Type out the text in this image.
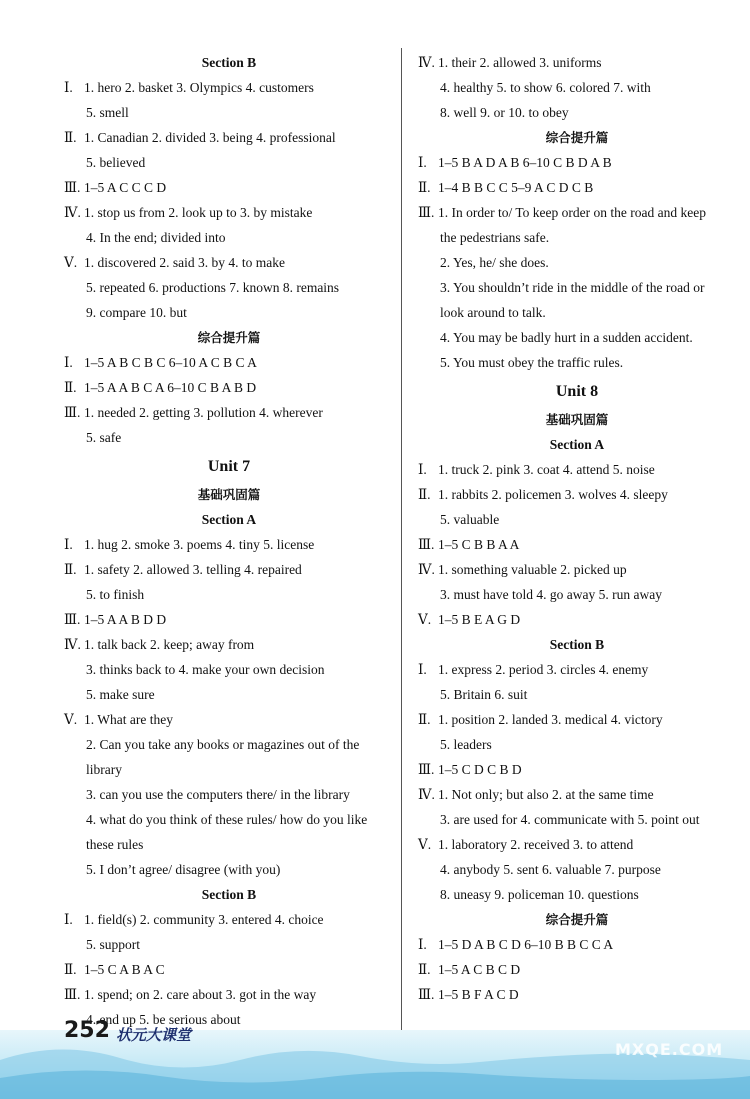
Section B
Ⅰ. 1. hero 2. basket 3. Olympics 4. customers
5. smell
Ⅱ. 1. Canadian 2. divided 3. being 4. professional
5. believed
Ⅲ. 1–5 A C C C D
Ⅳ. 1. stop us from 2. look up to 3. by mistake
4. In the end; divided into
Ⅴ. 1. discovered 2. said 3. by 4. to make
5. repeated 6. productions 7. known 8. remains
9. compare 10. but
综合提升篇
Ⅰ. 1–5 A B C B C 6–10 A C B C A
Ⅱ. 1–5 A A B C A 6–10 C B A B D
Ⅲ. 1. needed 2. getting 3. pollution 4. wherever
5. safe
Unit 7
基础巩固篇
Section A
Ⅰ. 1. hug 2. smoke 3. poems 4. tiny 5. license
Ⅱ. 1. safety 2. allowed 3. telling 4. repaired
5. to finish
Ⅲ. 1–5 A A B D D
Ⅳ. 1. talk back 2. keep; away from
3. thinks back to 4. make your own decision
5. make sure
Ⅴ. 1. What are they
2. Can you take any books or magazines out of the
library
3. can you use the computers there/ in the library
4. what do you think of these rules/ how do you like
these rules
5. I don’t agree/ disagree (with you)
Section B
Ⅰ. 1. field(s) 2. community 3. entered 4. choice
5. support
Ⅱ. 1–5 C A B A C
Ⅲ. 1. spend; on 2. care about 3. got in the way
4. end up 5. be serious about
Ⅳ. 1. their 2. allowed 3. uniforms
4. healthy 5. to show 6. colored 7. with
8. well 9. or 10. to obey
综合提升篇
Ⅰ. 1–5 B A D A B 6–10 C B D A B
Ⅱ. 1–4 B B C C 5–9 A C D C B
Ⅲ. 1. In order to/ To keep order on the road and keep
the pedestrians safe.
2. Yes, he/ she does.
3. You shouldn’t ride in the middle of the road or
look around to talk.
4. You may be badly hurt in a sudden accident.
5. You must obey the traffic rules.
Unit 8
基础巩固篇
Section A
Ⅰ. 1. truck 2. pink 3. coat 4. attend 5. noise
Ⅱ. 1. rabbits 2. policemen 3. wolves 4. sleepy
5. valuable
Ⅲ. 1–5 C B B A A
Ⅳ. 1. something valuable 2. picked up
3. must have told 4. go away 5. run away
Ⅴ. 1–5 B E A G D
Section B
Ⅰ. 1. express 2. period 3. circles 4. enemy
5. Britain 6. suit
Ⅱ. 1. position 2. landed 3. medical 4. victory
5. leaders
Ⅲ. 1–5 C D C B D
Ⅳ. 1. Not only; but also 2. at the same time
3. are used for 4. communicate with 5. point out
Ⅴ. 1. laboratory 2. received 3. to attend
4. anybody 5. sent 6. valuable 7. purpose
8. uneasy 9. policeman 10. questions
综合提升篇
Ⅰ. 1–5 D A B C D 6–10 B B C C A
Ⅱ. 1–5 A C B C D
Ⅲ. 1–5 B F A C D
252 状元大课堂
MXQE.COM
